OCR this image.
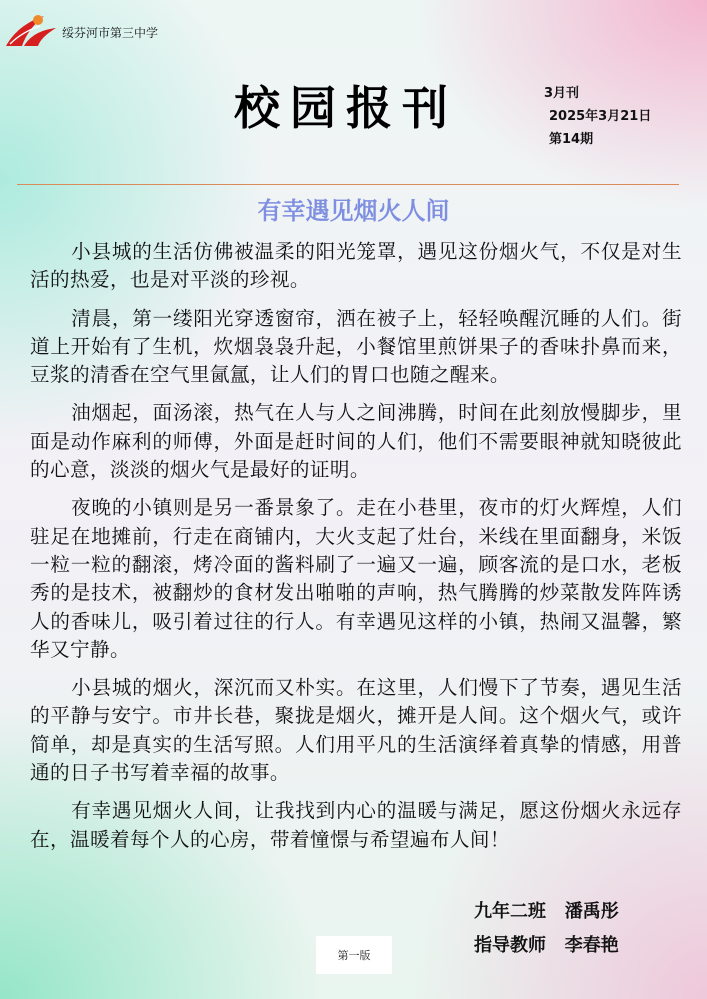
绥芬河市第三中学
校园报刊	3月刊
2025年3月21日
第14期
有幸遇见烟火人间

小县城的生活仿佛被温柔的阳光笼罩，遇见这份烟火气，不仅是对生活的热爱，也是对平淡的珍视。

清晨，第一缕阳光穿透窗帘，洒在被子上，轻轻唤醒沉睡的人们。街道上开始有了生机，炊烟袅袅升起，小餐馆里煎饼果子的香味扑鼻而来，豆浆的清香在空气里氤氲，让人们的胃口也随之醒来。

油烟起，面汤滚，热气在人与人之间沸腾，时间在此刻放慢脚步，里面是动作麻利的师傅，外面是赶时间的人们，他们不需要眼神就知晓彼此的心意，淡淡的烟火气是最好的证明。

夜晚的小镇则是另一番景象了。走在小巷里，夜市的灯火辉煌，人们驻足在地摊前，行走在商铺内，大火支起了灶台，米线在里面翻身，米饭一粒一粒的翻滚，烤冷面的酱料刷了一遍又一遍，顾客流的是口水，老板秀的是技术，被翻炒的食材发出啪啪的声响，热气腾腾的炒菜散发阵阵诱人的香味儿，吸引着过往的行人。有幸遇见这样的小镇，热闹又温馨，繁华又宁静。

小县城的烟火，深沉而又朴实。在这里，人们慢下了节奏，遇见生活的平静与安宁。市井长巷，聚拢是烟火，摊开是人间。这个烟火气，或许简单，却是真实的生活写照。人们用平凡的生活演绎着真挚的情感，用普通的日子书写着幸福的故事。

有幸遇见烟火人间，让我找到内心的温暖与满足，愿这份烟火永远存在，温暖着每个人的心房，带着憧憬与希望遍布人间！

九年二班   潘禹彤
指导教师   李春艳
第一版
